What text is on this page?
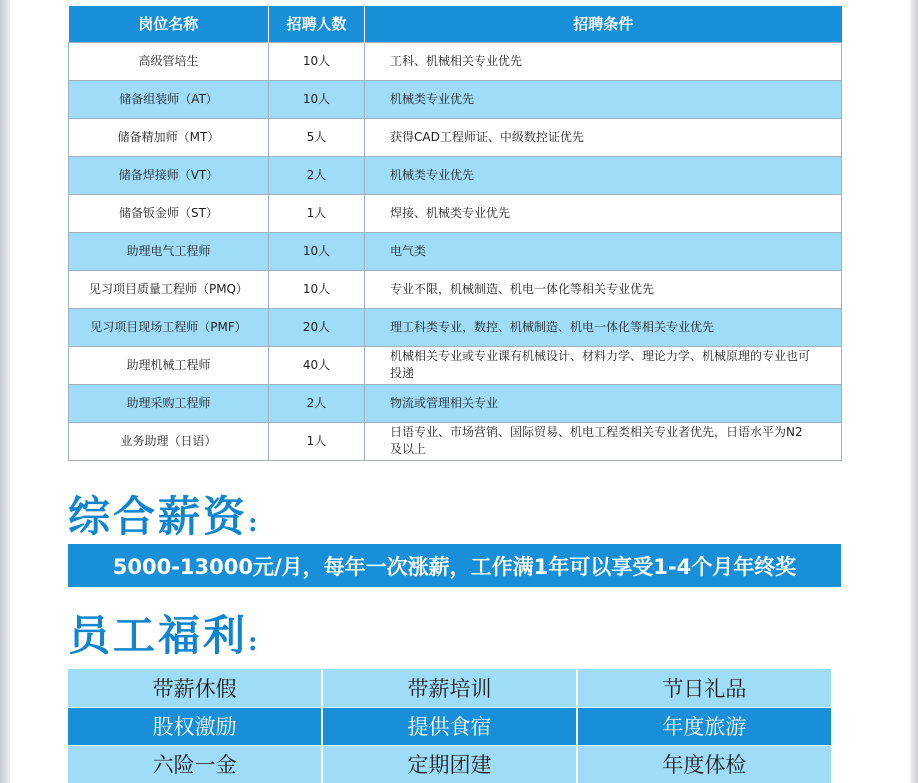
岗位名称	招聘人数	招聘条件
高级管培生	10人	工科、机械相关专业优先
储备组装师（AT）	10人	机械类专业优先
储备精加师（MT）	5人	获得CAD工程师证、中级数控证优先
储备焊接师（VT）	2人	机械类专业优先
储备钣金师（ST）	1人	焊接、机械类专业优先
助理电气工程师	10人	电气类
见习项目质量工程师（PMQ）	10人	专业不限，机械制造、机电一体化等相关专业优先
见习项目现场工程师（PMF）	20人	理工科类专业，数控、机械制造、机电一体化等相关专业优先
助理机械工程师	40人	机械相关专业或专业课有机械设计、材料力学、理论力学、机械原理的专业也可投递
助理采购工程师	2人	物流或管理相关专业
业务助理（日语）	1人	日语专业、市场营销、国际贸易、机电工程类相关专业者优先，日语水平为N2及以上
综合薪资:
5000-13000元/月，每年一次涨薪，工作满1年可以享受1-4个月年终奖
员工福利:
带薪休假	带薪培训	节日礼品
股权激励	提供食宿	年度旅游
六险一金	定期团建	年度体检
